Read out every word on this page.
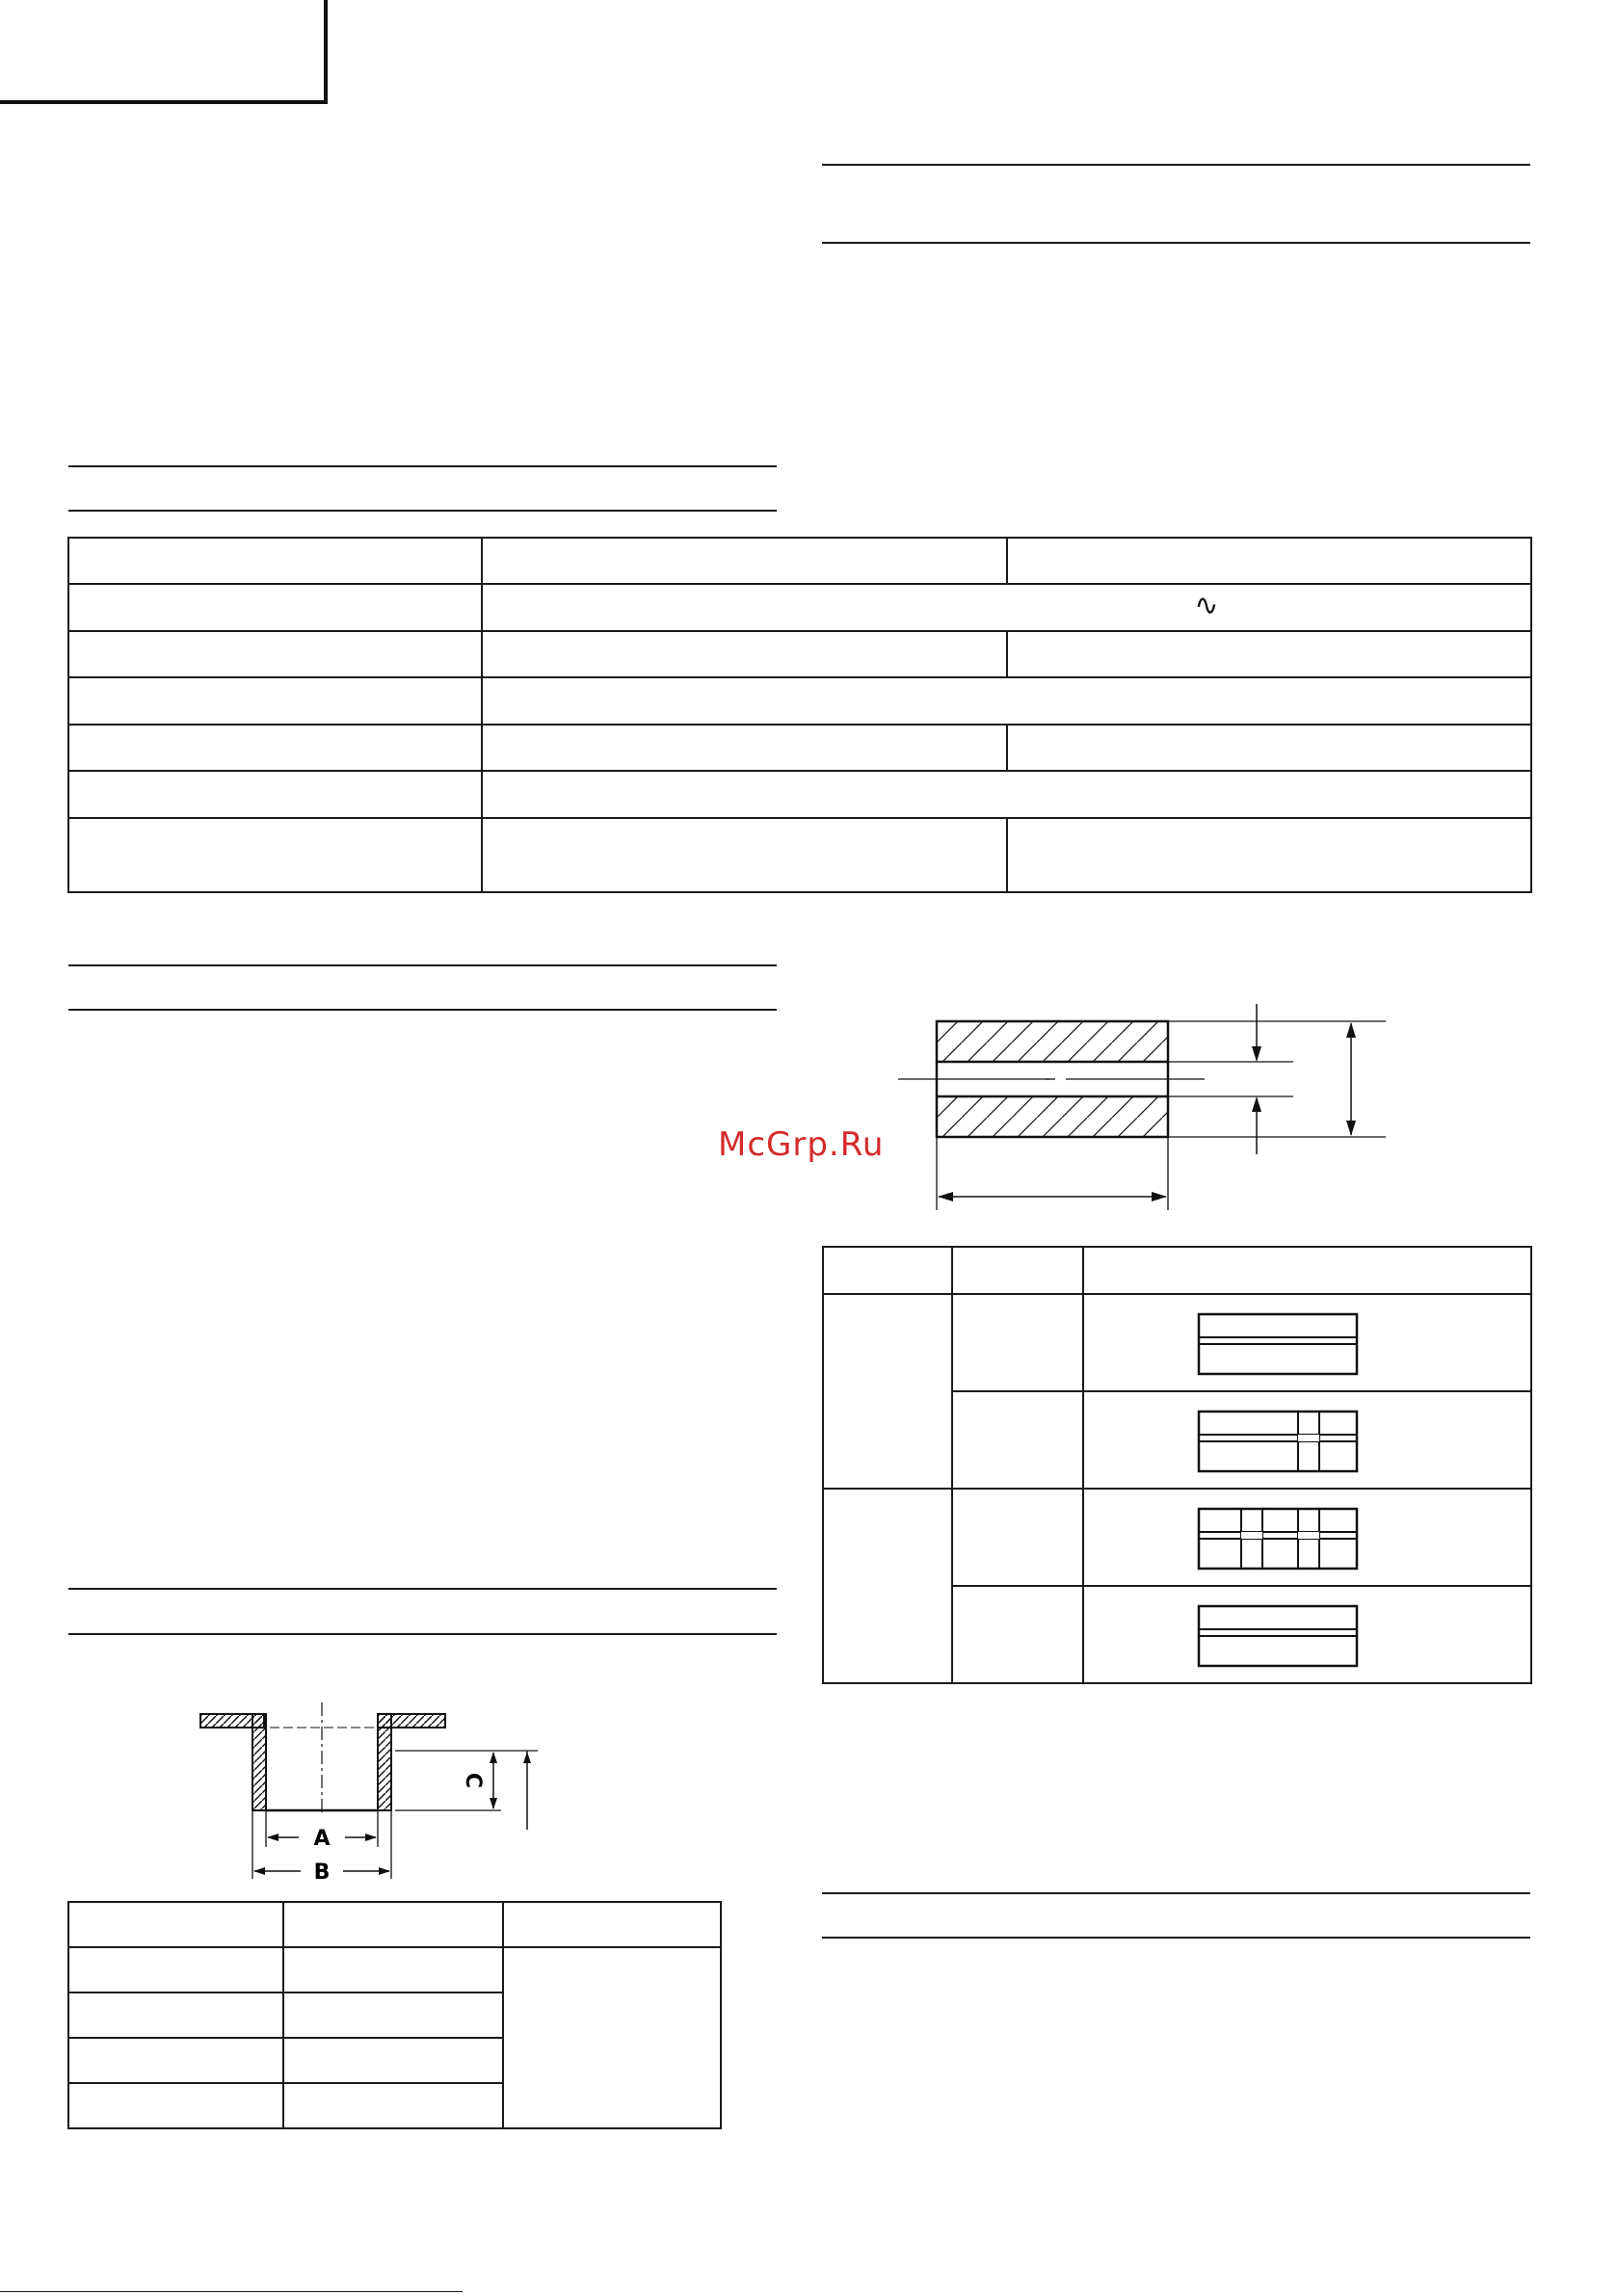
	∿	

McGrp.Ru

C
A
B
